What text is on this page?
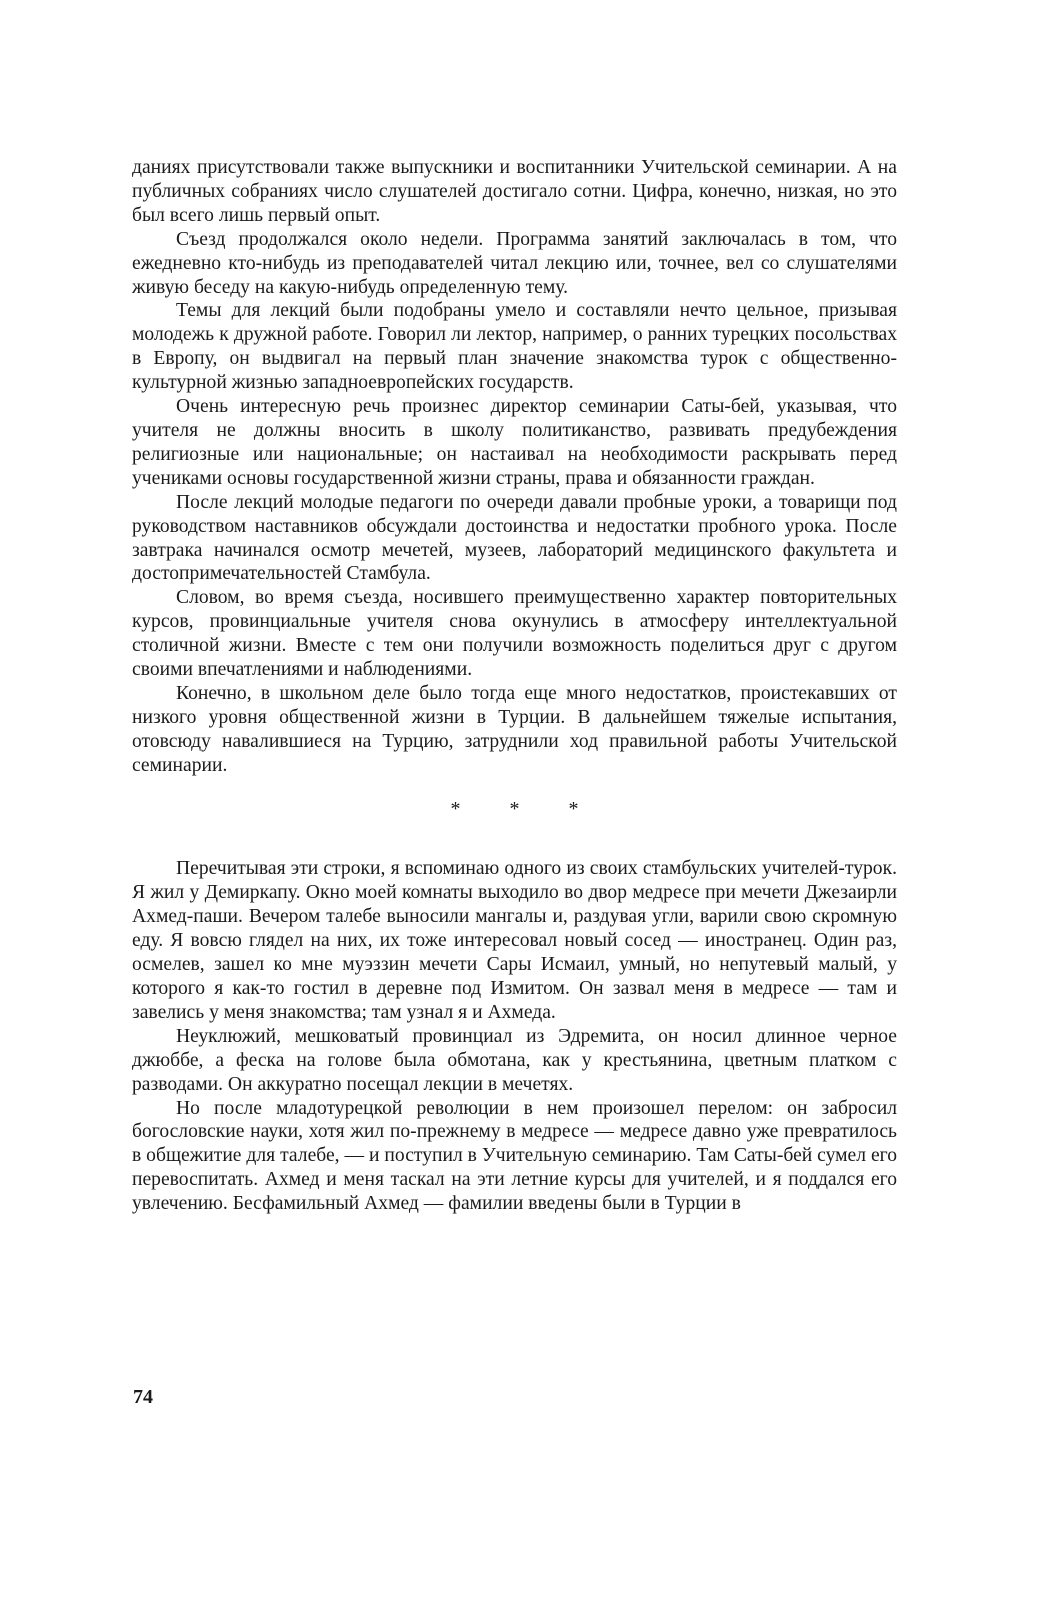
даниях присутствовали также выпускники и воспитанники Учительской семинарии. А на публичных собраниях число слушателей достигало сотни. Цифра, конечно, низкая, но это был всего лишь первый опыт.

Съезд продолжался около недели. Программа занятий заключалась в том, что ежедневно кто-нибудь из преподавателей читал лекцию или, точнее, вел со слушателями живую беседу на какую-нибудь определенную тему.

Темы для лекций были подобраны умело и составляли нечто цельное, призывая молодежь к дружной работе. Говорил ли лектор, например, о ранних турецких посольствах в Европу, он выдвигал на первый план значение знакомства турок с общественно-культурной жизнью западноевропейских государств.

Очень интересную речь произнес директор семинарии Саты-бей, указывая, что учителя не должны вносить в школу политиканство, развивать предубеждения религиозные или национальные; он настаивал на необходимости раскрывать перед учениками основы государственной жизни страны, права и обязанности граждан.

После лекций молодые педагоги по очереди давали пробные уроки, а товарищи под руководством наставников обсуждали достоинства и недостатки пробного урока. После завтрака начинался осмотр мечетей, музеев, лабораторий медицинского факультета и достопримечательностей Стамбула.

Словом, во время съезда, носившего преимущественно характер повторительных курсов, провинциальные учителя снова окунулись в атмосферу интеллектуальной столичной жизни. Вместе с тем они получили возможность поделиться друг с другом своими впечатлениями и наблюдениями.

Конечно, в школьном деле было тогда еще много недостатков, проистекавших от низкого уровня общественной жизни в Турции. В дальнейшем тяжелые испытания, отовсюду навалившиеся на Турцию, затруднили ход правильной работы Учительской семинарии.

* * *

Перечитывая эти строки, я вспоминаю одного из своих стамбульских учителей-турок. Я жил у Демиркапу. Окно моей комнаты выходило во двор медресе при мечети Джезаирли Ахмед-паши. Вечером талебе выносили мангалы и, раздувая угли, варили свою скромную еду. Я вовсю глядел на них, их тоже интересовал новый сосед — иностранец. Один раз, осмелев, зашел ко мне муэззин мечети Сары Исмаил, умный, но непутевый малый, у которого я как-то гостил в деревне под Измитом. Он зазвал меня в медресе — там и завелись у меня знакомства; там узнал я и Ахмеда.

Неуклюжий, мешковатый провинциал из Эдремита, он носил длинное черное джюббе, а феска на голове была обмотана, как у крестьянина, цветным платком с разводами. Он аккуратно посещал лекции в мечетях.

Но после младотурецкой революции в нем произошел перелом: он забросил богословские науки, хотя жил по-прежнему в медресе — медресе давно уже превратилось в общежитие для талебе, — и поступил в Учительную семинарию. Там Саты-бей сумел его перевоспитать. Ахмед и меня таскал на эти летние курсы для учителей, и я поддался его увлечению. Бесфамильный Ахмед — фамилии введены были в Турции в

74
